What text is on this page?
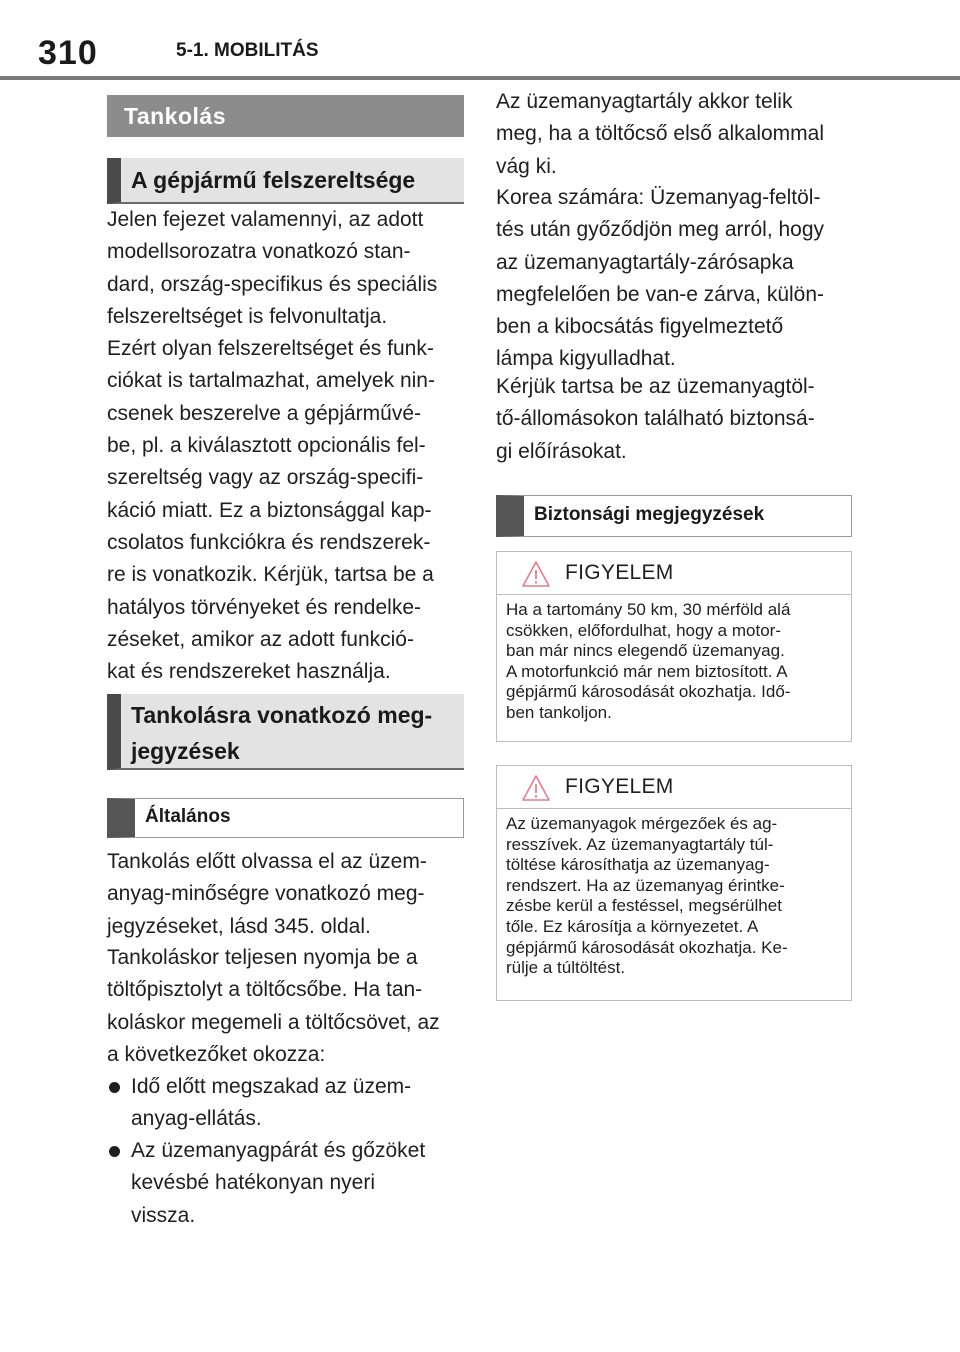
310	5-1. MOBILITÁS
Tankolás
A gépjármű felszereltsége
Jelen fejezet valamennyi, az adott
modellsorozatra vonatkozó stan-
dard, ország-specifikus és speciális
felszereltséget is felvonultatja.
Ezért olyan felszereltséget és funk-
ciókat is tartalmazhat, amelyek nin-
csenek beszerelve a gépjárművé-
be, pl. a kiválasztott opcionális fel-
szereltség vagy az ország-specifi-
káció miatt. Ez a biztonsággal kap-
csolatos funkciókra és rendszerek-
re is vonatkozik. Kérjük, tartsa be a
hatályos törvényeket és rendelke-
zéseket, amikor az adott funkció-
kat és rendszereket használja.
Tankolásra vonatkozó meg-
jegyzések
Általános
Tankolás előtt olvassa el az üzem-
anyag-minőségre vonatkozó meg-
jegyzéseket, lásd 345. oldal.
Tankoláskor teljesen nyomja be a
töltőpisztolyt a töltőcsőbe. Ha tan-
koláskor megemeli a töltőcsövet, az
a következőket okozza:
Idő előtt megszakad az üzem-
anyag-ellátás.
Az üzemanyagpárát és gőzöket
kevésbé hatékonyan nyeri
vissza.
Az üzemanyagtartály akkor telik
meg, ha a töltőcső első alkalommal
vág ki.
Korea számára: Üzemanyag-feltöl-
tés után győződjön meg arról, hogy
az üzemanyagtartály-zárósapka
megfelelően be van-e zárva, külön-
ben a kibocsátás figyelmeztető
lámpa kigyulladhat.
Kérjük tartsa be az üzemanyagtöl-
tő-állomásokon található biztonsá-
gi előírásokat.
Biztonsági megjegyzések
FIGYELEM
Ha a tartomány 50 km, 30 mérföld alá
csökken, előfordulhat, hogy a motor-
ban már nincs elegendő üzemanyag.
A motorfunkció már nem biztosított. A
gépjármű károsodását okozhatja. Idő-
ben tankoljon.
FIGYELEM
Az üzemanyagok mérgezőek és ag-
resszívek. Az üzemanyagtartály túl-
töltése károsíthatja az üzemanyag-
rendszert. Ha az üzemanyag érintke-
zésbe kerül a festéssel, megsérülhet
tőle. Ez károsítja a környezetet. A
gépjármű károsodását okozhatja. Ke-
rülje a túltöltést.
